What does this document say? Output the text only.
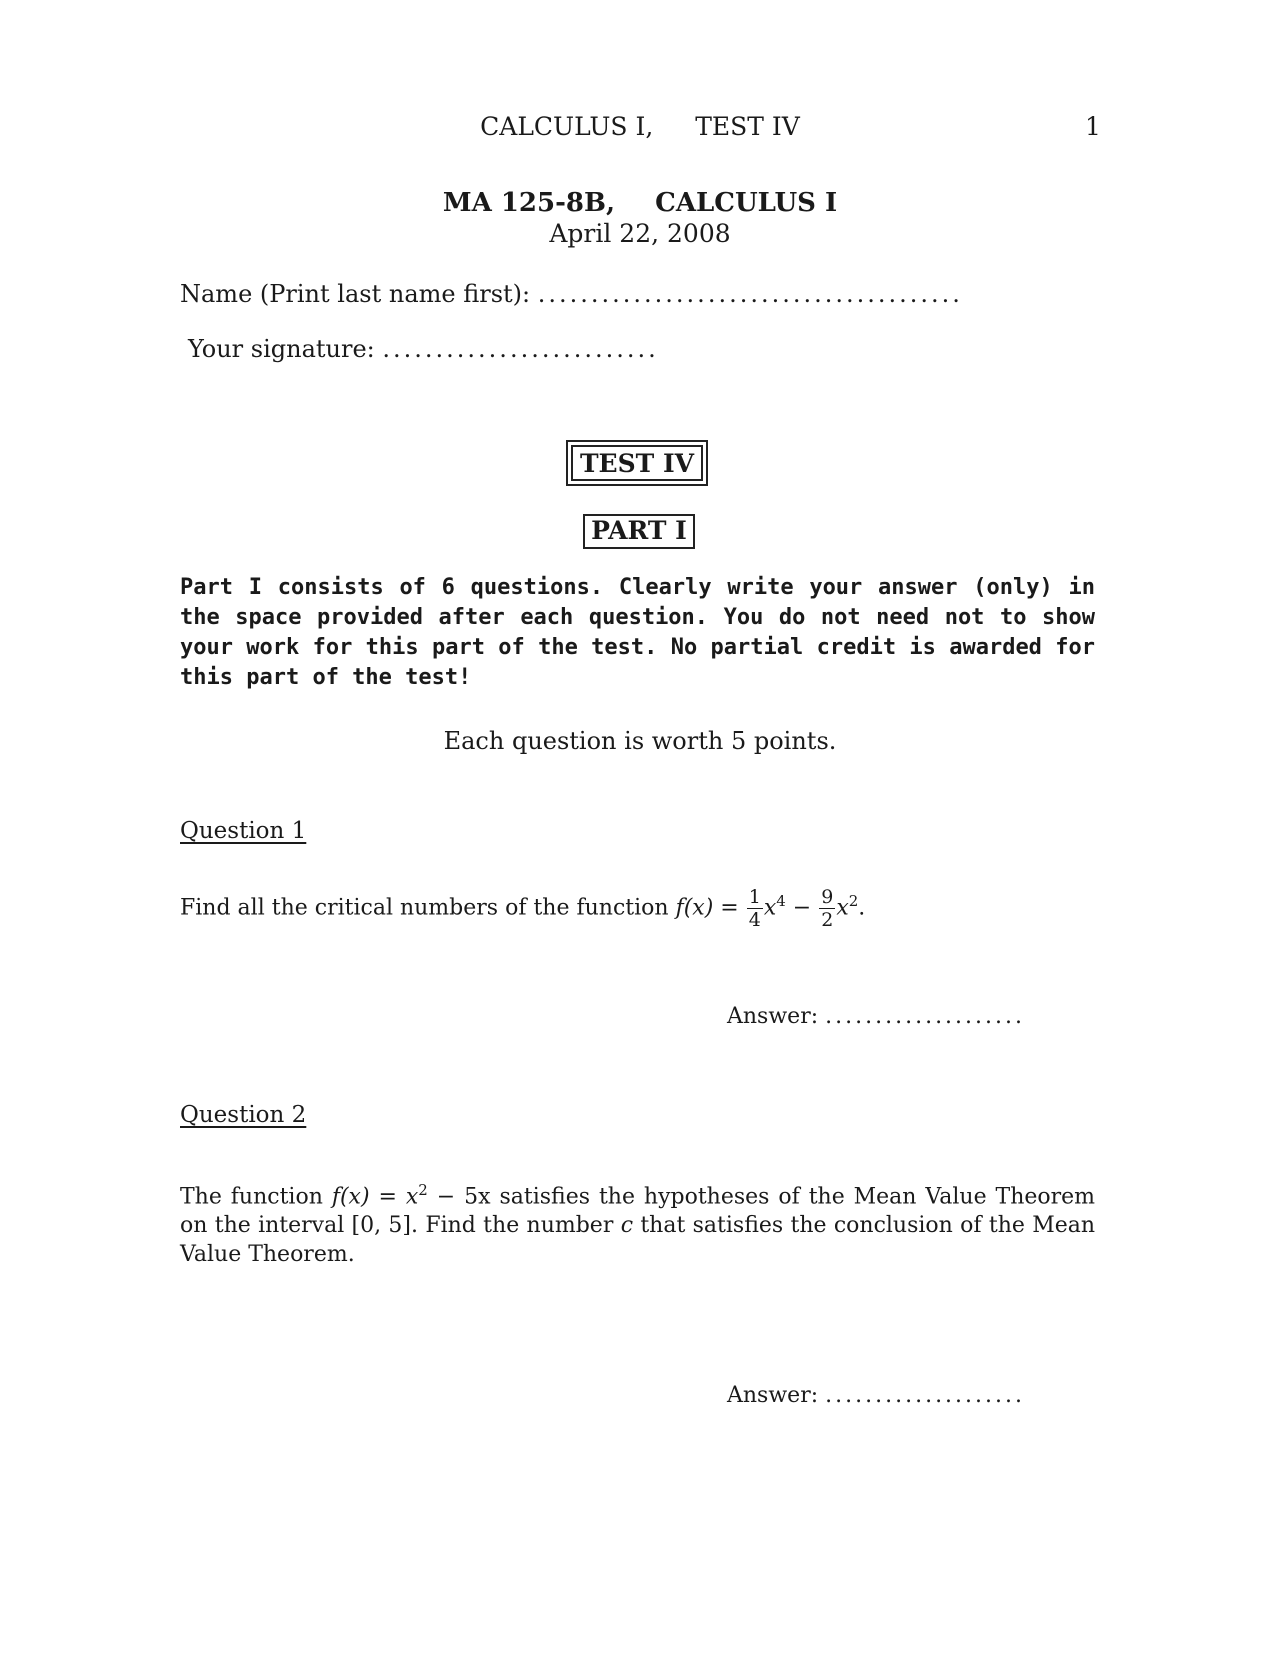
CALCULUS I, TEST IV	1
MA 125-8B, CALCULUS I
April 22, 2008
Name (Print last name first): ........................................
Your signature: ..........................
TEST IV
PART I
Part I consists of 6 questions. Clearly write your answer (only) in the space provided after each question. You do not need not to show your work for this part of the test. No partial credit is awarded for this part of the test!
Each question is worth 5 points.
Question 1
Find all the critical numbers of the function $f(x) = \frac{1}{4} x^4 - \frac{9}{2} x^2$.
Answer: ....................
Question 2
The function $f(x) = x^2 - 5x$ satisfies the hypotheses of the Mean Value Theorem on the interval [0, 5]. Find the number c that satisfies the conclusion of the Mean Value Theorem.
Answer: ....................
